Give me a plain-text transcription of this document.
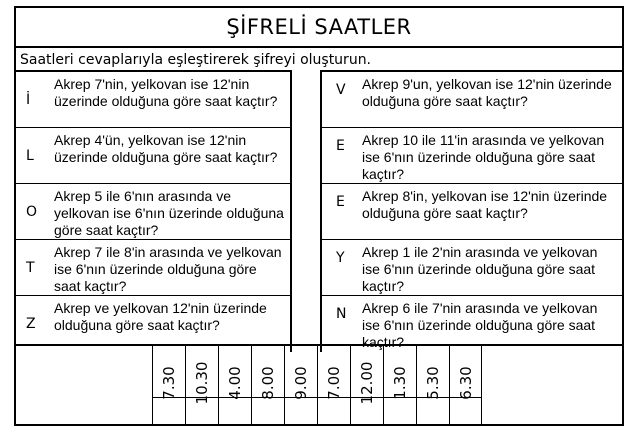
ŞİFRELİ SAATLER
Saatleri cevaplarıyla eşleştirerek şifreyi oluşturun.
İ
Akrep 7'nin, yelkovan ise 12'nin üzerinde olduğuna göre saat kaçtır?
L
Akrep 4'ün, yelkovan ise 12'nin üzerinde olduğuna göre saat kaçtır?
O
Akrep 5 ile 6'nın arasında ve yelkovan ise 6'nın üzerinde olduğuna göre saat kaçtır?
T
Akrep 7 ile 8'in arasında ve yelkovan ise 6'nın üzerinde olduğuna göre saat kaçtır?
Z
Akrep ve yelkovan 12'nin üzerinde olduğuna göre saat kaçtır?
V Akrep 9'un, yelkovan ise 12'nin üzerinde olduğuna göre saat kaçtır?
E Akrep 10 ile 11'in arasında ve yelkovan ise 6'nın üzerinde olduğuna göre saat kaçtır?
E Akrep 8'in, yelkovan ise 12'nin üzerinde olduğuna göre saat kaçtır?
Y Akrep 1 ile 2'nin arasında ve yelkovan ise 6'nın üzerinde olduğuna göre saat kaçtır?
N Akrep 6 ile 7'nin arasında ve yelkovan ise 6'nın üzerinde olduğuna göre saat kaçtır?
7.30 10.30 4.00 8.00 9.00 7.00 12.00 1.30 5.30 6.30
